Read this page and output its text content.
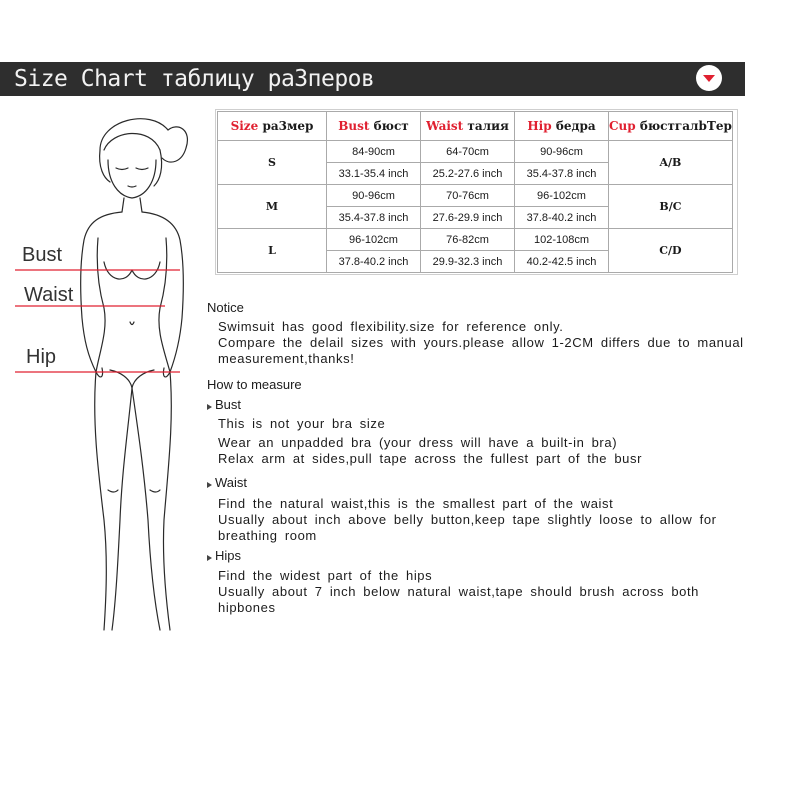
Size Chart таблицу ра3перов
Bust
Waist
Hip
Size ра3мер	Bust бюст	Waist талия	Hip бедра	Cup бюстгалbТер
S	84-90cm	64-70cm	90-96cm	A/B
	33.1-35.4 inch	25.2-27.6 inch	35.4-37.8 inch	
M	90-96cm	70-76cm	96-102cm	B/C
	35.4-37.8 inch	27.6-29.9 inch	37.8-40.2 inch	
L	96-102cm	76-82cm	102-108cm	C/D
	37.8-40.2 inch	29.9-32.3 inch	40.2-42.5 inch	
Notice
Swimsuit has good flexibility.size for reference only.
Compare the delail sizes with yours.please allow 1-2CM differs due to manual measurement,thanks!
How to measure
Bust
This is not your bra size
Wear an unpadded bra (your dress will have a built-in bra)
Relax arm at sides,pull tape across the fullest part of the busr
Waist
Find the natural waist,this is the smallest part of the waist
Usually about inch above belly button,keep tape slightly loose to allow for breathing room
Hips
Find the widest part of the hips
Usually about 7 inch below natural waist,tape should brush across both hipbones
